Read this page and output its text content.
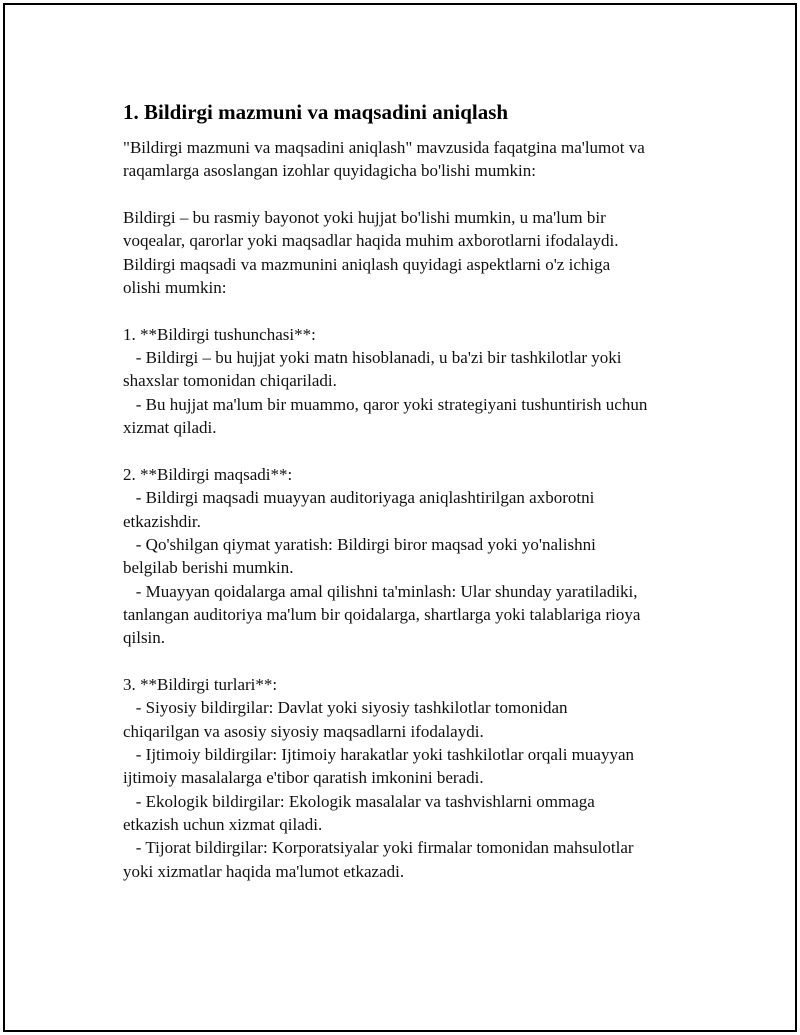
1. Bildirgi mazmuni va maqsadini aniqlash
"Bildirgi mazmuni va maqsadini aniqlash" mavzusida faqatgina ma'lumot va
raqamlarga asoslangan izohlar quyidagicha bo'lishi mumkin:

Bildirgi – bu rasmiy bayonot yoki hujjat bo'lishi mumkin, u ma'lum bir
voqealar, qarorlar yoki maqsadlar haqida muhim axborotlarni ifodalaydi.
Bildirgi maqsadi va mazmunini aniqlash quyidagi aspektlarni o'z ichiga
olishi mumkin:

1. **Bildirgi tushunchasi**:
- Bildirgi – bu hujjat yoki matn hisoblanadi, u ba'zi bir tashkilotlar yoki
shaxslar tomonidan chiqariladi.
- Bu hujjat ma'lum bir muammo, qaror yoki strategiyani tushuntirish uchun
xizmat qiladi.

2. **Bildirgi maqsadi**:
- Bildirgi maqsadi muayyan auditoriyaga aniqlashtirilgan axborotni
etkazishdir.
- Qo'shilgan qiymat yaratish: Bildirgi biror maqsad yoki yo'nalishni
belgilab berishi mumkin.
- Muayyan qoidalarga amal qilishni ta'minlash: Ular shunday yaratiladiki,
tanlangan auditoriya ma'lum bir qoidalarga, shartlarga yoki talablariga rioya
qilsin.

3. **Bildirgi turlari**:
- Siyosiy bildirgilar: Davlat yoki siyosiy tashkilotlar tomonidan
chiqarilgan va asosiy siyosiy maqsadlarni ifodalaydi.
- Ijtimoiy bildirgilar: Ijtimoiy harakatlar yoki tashkilotlar orqali muayyan
ijtimoiy masalalarga e'tibor qaratish imkonini beradi.
- Ekologik bildirgilar: Ekologik masalalar va tashvishlarni ommaga
etkazish uchun xizmat qiladi.
- Tijorat bildirgilar: Korporatsiyalar yoki firmalar tomonidan mahsulotlar
yoki xizmatlar haqida ma'lumot etkazadi.
